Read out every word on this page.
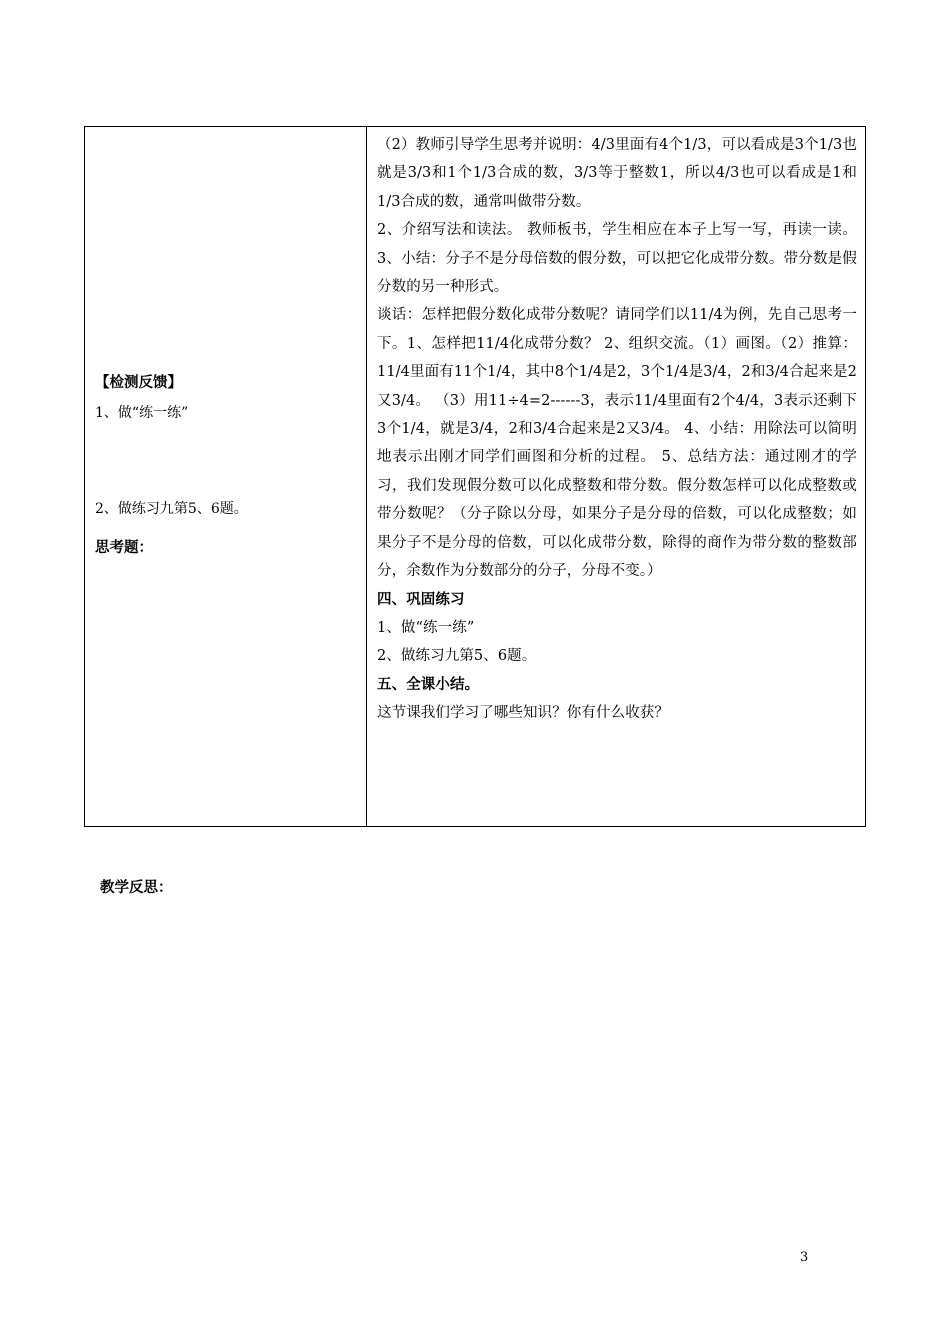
【检测反馈】
1、做“练一练”
2、做练习九第5、6题。
思考题：

（2）教师引导学生思考并说明：4/3里面有4个1/3，可以看成是3个1/3也就是3/3和1个1/3合成的数，3/3等于整数1，所以4/3也可以看成是1和1/3合成的数，通常叫做带分数。

2、介绍写法和读法。 教师板书，学生相应在本子上写一写，再读一读。 3、小结：分子不是分母倍数的假分数，可以把它化成带分数。带分数是假分数的另一种形式。

谈话：怎样把假分数化成带分数呢？请同学们以11/4为例，先自己思考一下。1、怎样把11/4化成带分数？ 2、组织交流。（1）画图。（2）推算：11/4里面有11个1/4，其中8个1/4是2，3个1/4是3/4，2和3/4合起来是2又3/4。 （3）用11÷4=2------3，表示11/4里面有2个4/4，3表示还剩下3个1/4，就是3/4，2和3/4合起来是2又3/4。 4、小结：用除法可以简明地表示出刚才同学们画图和分析的过程。 5、总结方法：通过刚才的学习，我们发现假分数可以化成整数和带分数。假分数怎样可以化成整数或带分数呢？（分子除以分母，如果分子是分母的倍数，可以化成整数；如果分子不是分母的倍数，可以化成带分数，除得的商作为带分数的整数部分，余数作为分数部分的分子，分母不变。）

四、巩固练习

1、做“练一练”

2、做练习九第5、6题。

五、全课小结。

这节课我们学习了哪些知识？你有什么收获？

教学反思：
3
